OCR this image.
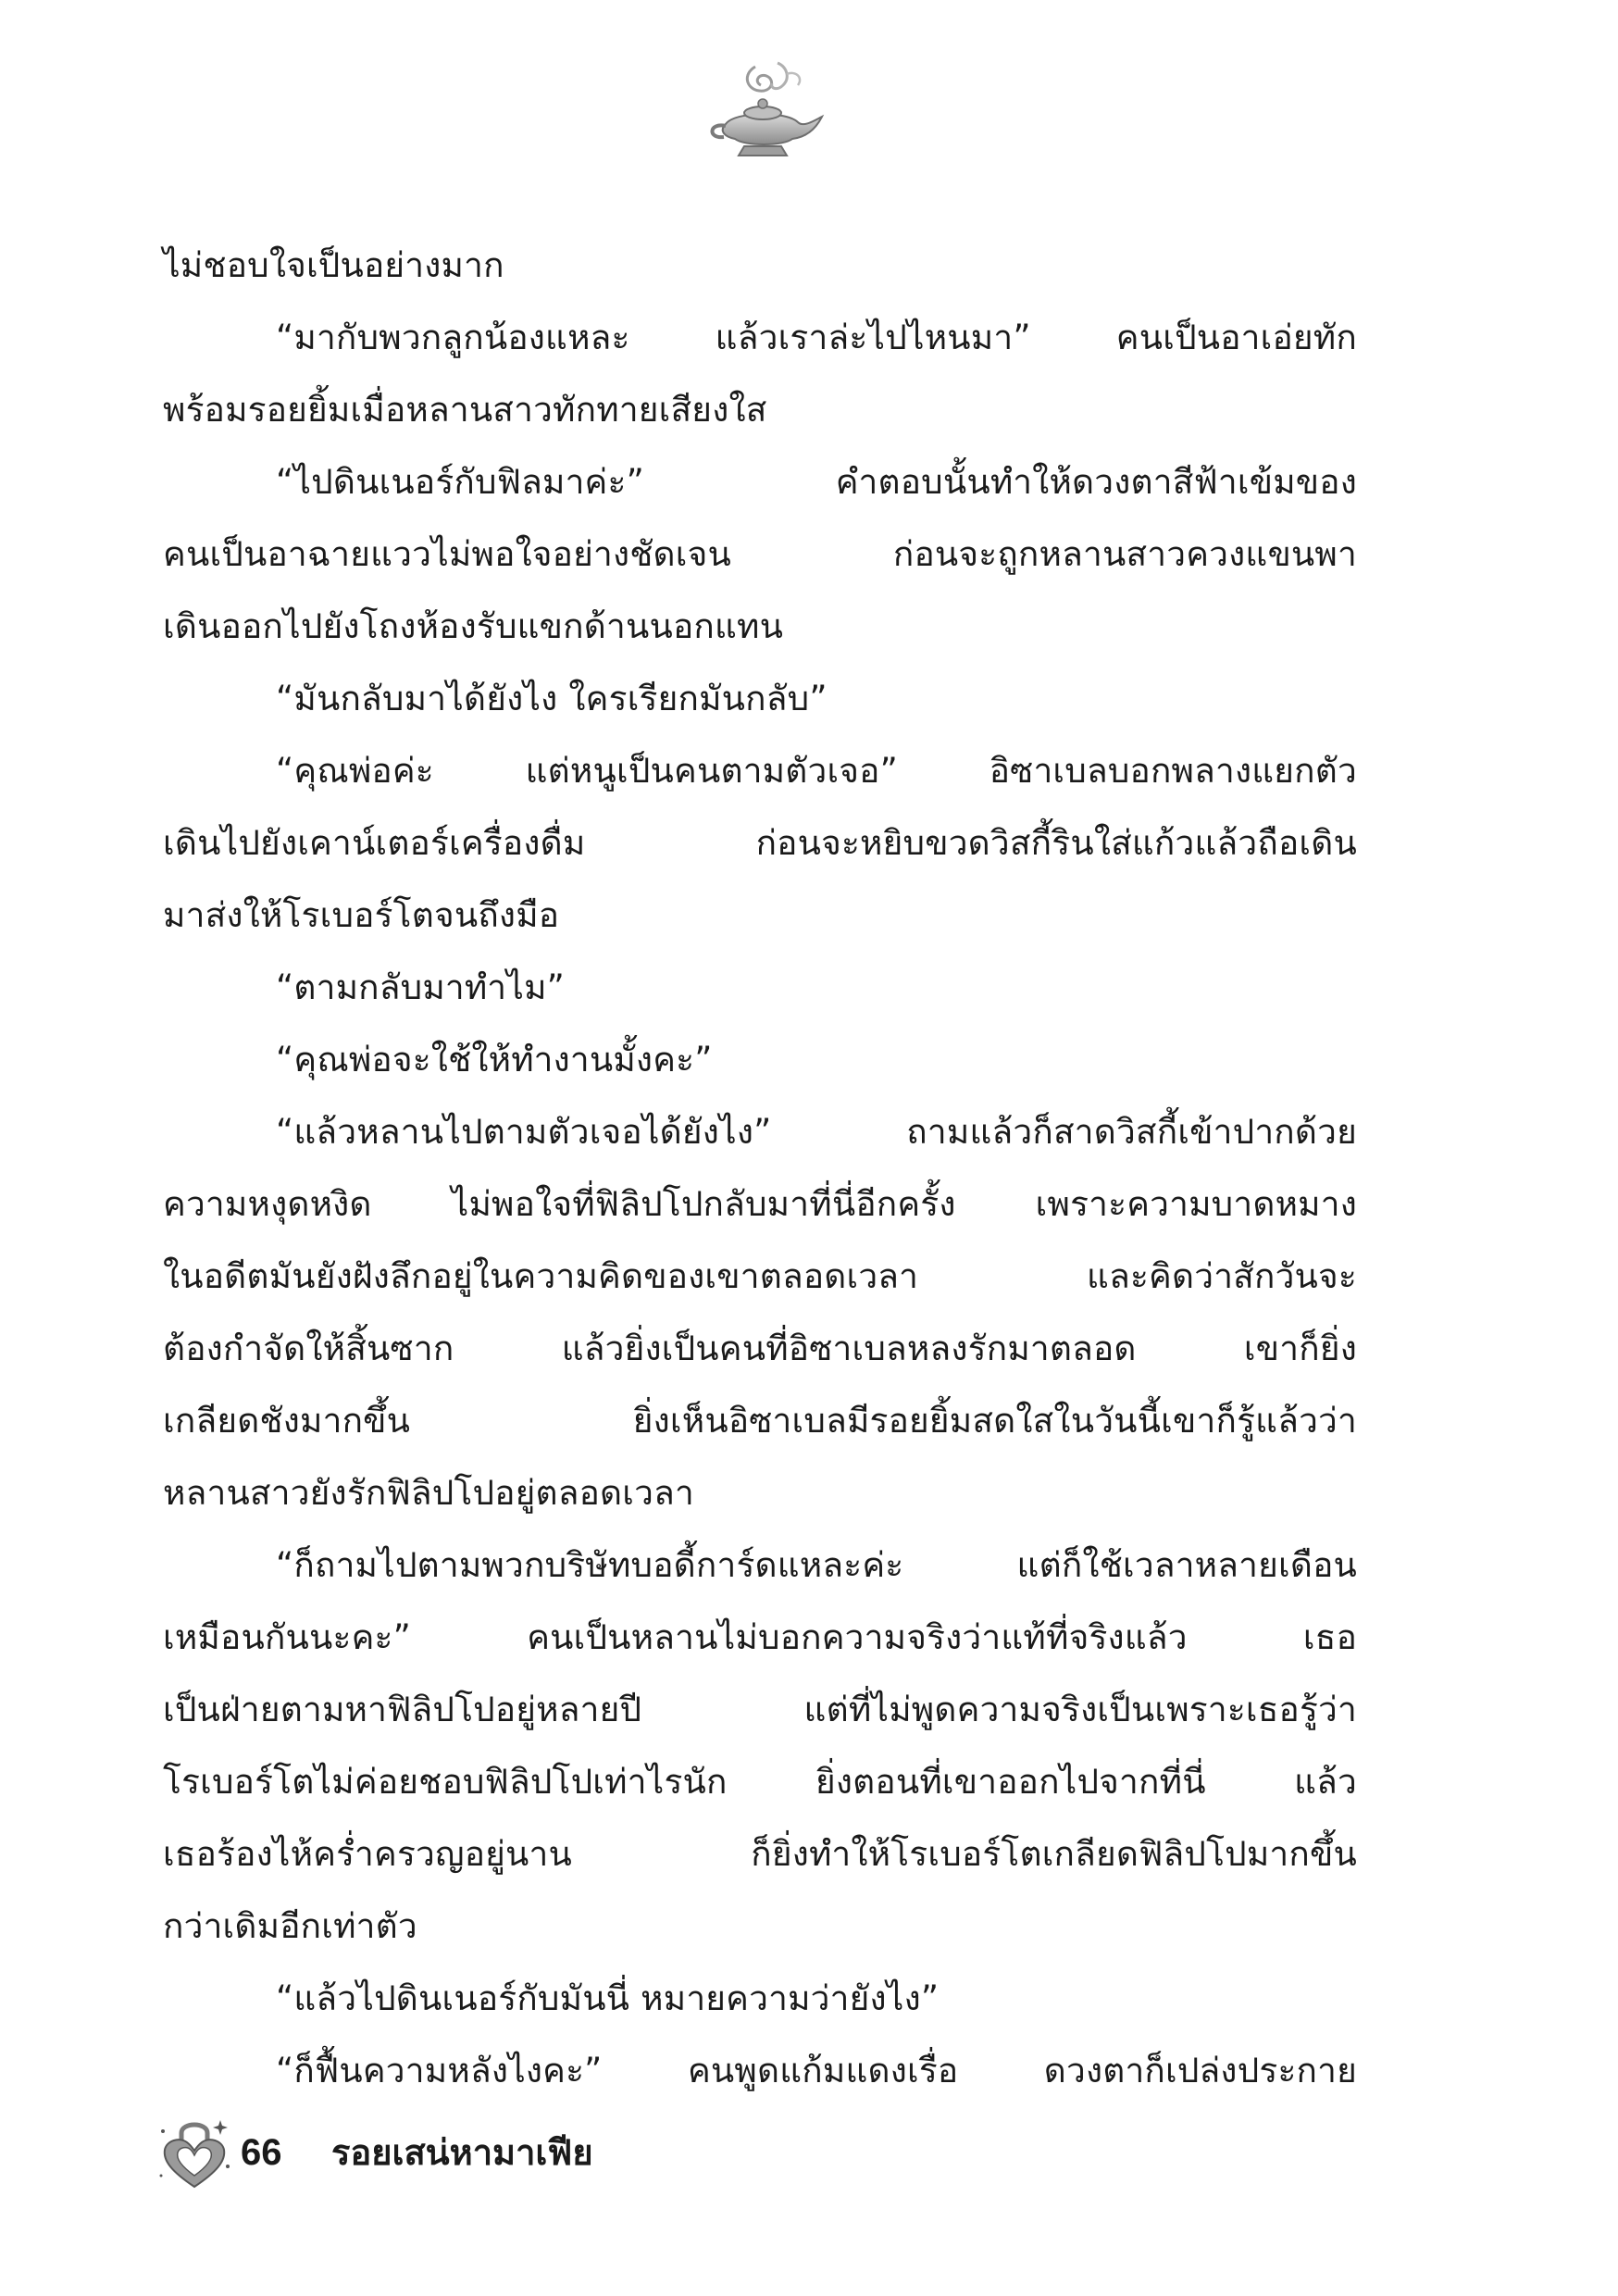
ไม่ชอบใจเป็นอย่างมาก
“มากับพวกลูกน้องแหละ แล้วเราล่ะไปไหนมา” คนเป็นอาเอ่ยทัก
พร้อมรอยยิ้มเมื่อหลานสาวทักทายเสียงใส
“ไปดินเนอร์กับฟิลมาค่ะ” คำตอบนั้นทำให้ดวงตาสีฟ้าเข้มของ
คนเป็นอาฉายแววไม่พอใจอย่างชัดเจน ก่อนจะถูกหลานสาวควงแขนพา
เดินออกไปยังโถงห้องรับแขกด้านนอกแทน
“มันกลับมาได้ยังไง ใครเรียกมันกลับ”
“คุณพ่อค่ะ แต่หนูเป็นคนตามตัวเจอ” อิซาเบลบอกพลางแยกตัว
เดินไปยังเคาน์เตอร์เครื่องดื่ม ก่อนจะหยิบขวดวิสกี้รินใส่แก้วแล้วถือเดิน
มาส่งให้โรเบอร์โตจนถึงมือ
“ตามกลับมาทำไม”
“คุณพ่อจะใช้ให้ทำงานมั้งคะ”
“แล้วหลานไปตามตัวเจอได้ยังไง” ถามแล้วก็สาดวิสกี้เข้าปากด้วย
ความหงุดหงิด ไม่พอใจที่ฟิลิปโปกลับมาที่นี่อีกครั้ง เพราะความบาดหมาง
ในอดีตมันยังฝังลึกอยู่ในความคิดของเขาตลอดเวลา และคิดว่าสักวันจะ
ต้องกำจัดให้สิ้นซาก แล้วยิ่งเป็นคนที่อิซาเบลหลงรักมาตลอด เขาก็ยิ่ง
เกลียดชังมากขึ้น ยิ่งเห็นอิซาเบลมีรอยยิ้มสดใสในวันนี้เขาก็รู้แล้วว่า
หลานสาวยังรักฟิลิปโปอยู่ตลอดเวลา
“ก็ถามไปตามพวกบริษัทบอดี้การ์ดแหละค่ะ แต่ก็ใช้เวลาหลายเดือน
เหมือนกันนะคะ” คนเป็นหลานไม่บอกความจริงว่าแท้ที่จริงแล้ว เธอ
เป็นฝ่ายตามหาฟิลิปโปอยู่หลายปี แต่ที่ไม่พูดความจริงเป็นเพราะเธอรู้ว่า
โรเบอร์โตไม่ค่อยชอบฟิลิปโปเท่าไรนัก ยิ่งตอนที่เขาออกไปจากที่นี่ แล้ว
เธอร้องไห้คร่ำครวญอยู่นาน ก็ยิ่งทำให้โรเบอร์โตเกลียดฟิลิปโปมากขึ้น
กว่าเดิมอีกเท่าตัว
“แล้วไปดินเนอร์กับมันนี่ หมายความว่ายังไง”
“ก็ฟื้นความหลังไงคะ” คนพูดแก้มแดงเรื่อ ดวงตาก็เปล่งประกาย
66 รอยเสน่หามาเฟีย
